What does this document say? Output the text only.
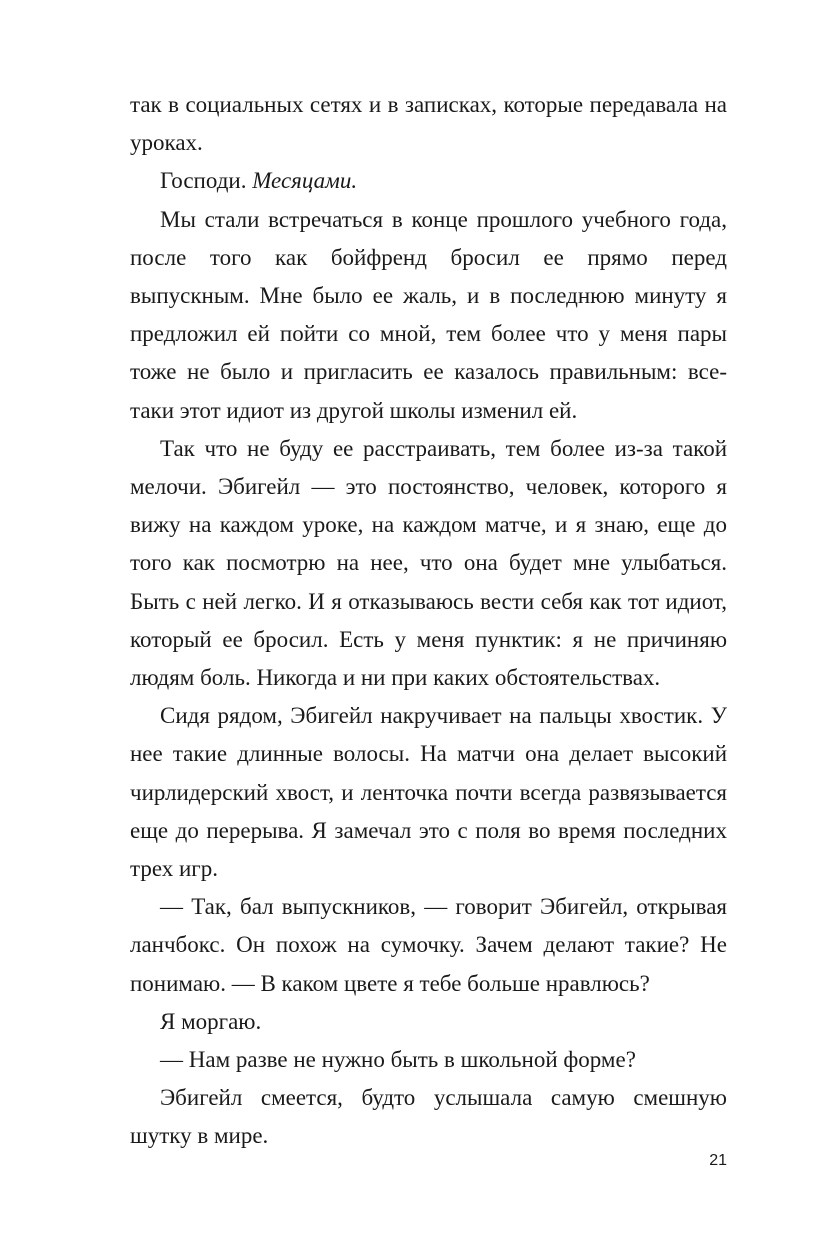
так в социальных сетях и в записках, которые передавала на уроках.

Господи. Месяцами.

Мы стали встречаться в конце прошлого учебного года, после того как бойфренд бросил ее прямо перед выпускным. Мне было ее жаль, и в последнюю минуту я предложил ей пойти со мной, тем более что у меня пары тоже не было и пригласить ее казалось правильным: все-таки этот идиот из другой школы изменил ей.

Так что не буду ее расстраивать, тем более из-за такой мелочи. Эбигейл — это постоянство, человек, которого я вижу на каждом уроке, на каждом матче, и я знаю, еще до того как посмотрю на нее, что она будет мне улыбаться. Быть с ней легко. И я отказываюсь вести себя как тот идиот, который ее бросил. Есть у меня пунктик: я не причиняю людям боль. Никогда и ни при каких обстоятельствах.

Сидя рядом, Эбигейл накручивает на пальцы хвостик. У нее такие длинные волосы. На матчи она делает высокий чирлидерский хвост, и ленточка почти всегда развязывается еще до перерыва. Я замечал это с поля во время последних трех игр.

— Так, бал выпускников, — говорит Эбигейл, открывая ланчбокс. Он похож на сумочку. Зачем делают такие? Не понимаю. — В каком цвете я тебе больше нравлюсь?

Я моргаю.

— Нам разве не нужно быть в школьной форме?

Эбигейл смеется, будто услышала самую смешную шутку в мире.

21
